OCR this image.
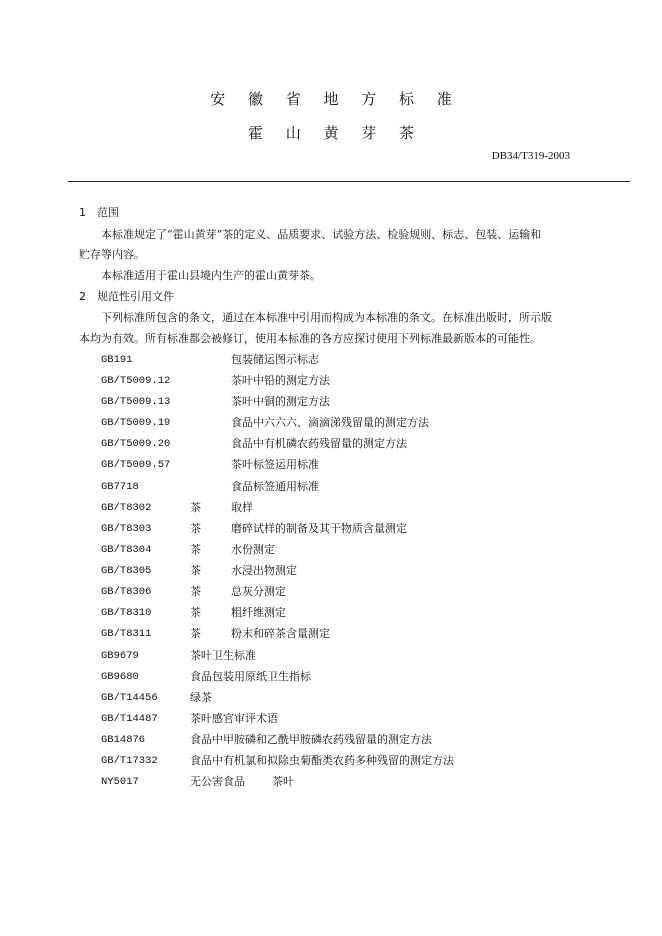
安 徽 省 地 方 标 准
霍 山 黄 芽 茶
DB34/T319-2003
1 范围
本标准规定了“霍山黄芽”茶的定义、品质要求、试验方法、检验规则、标志、包装、运输和
贮存等内容。
本标准适用于霍山县境内生产的霍山黄芽茶。
2 规范性引用文件
下列标准所包含的条文，通过在本标准中引用而构成为本标准的条文。在标准出版时，所示版
本均为有效。所有标准都会被修订，使用本标准的各方应探讨使用下列标准最新版本的可能性。
GB191	包装储运图示标志
GB/T5009.12	茶叶中铅的测定方法
GB/T5009.13	茶叶中铜的测定方法
GB/T5009.19	食品中六六六、滴滴涕残留量的测定方法
GB/T5009.20	食品中有机磷农药残留量的测定方法
GB/T5009.57	茶叶标签运用标准
GB7718	食品标签通用标准
GB/T8302	茶	取样
GB/T8303	茶	磨碎试样的制备及其干物质含量测定
GB/T8304	茶	水份测定
GB/T8305	茶	水浸出物测定
GB/T8306	茶	总灰分测定
GB/T8310	茶	粗纤维测定
GB/T8311	茶	粉末和碎茶含量测定
GB9679	茶叶卫生标准
GB9680	食品包装用原纸卫生指标
GB/T14456	绿茶
GB/T14487	茶叶感官审评术语
GB14876	食品中甲胺磷和乙酰甲胺磷农药残留量的测定方法
GB/T17332	食品中有机氯和拟除虫菊酯类农药多种残留的测定方法
NY5017	无公害食品 茶叶
